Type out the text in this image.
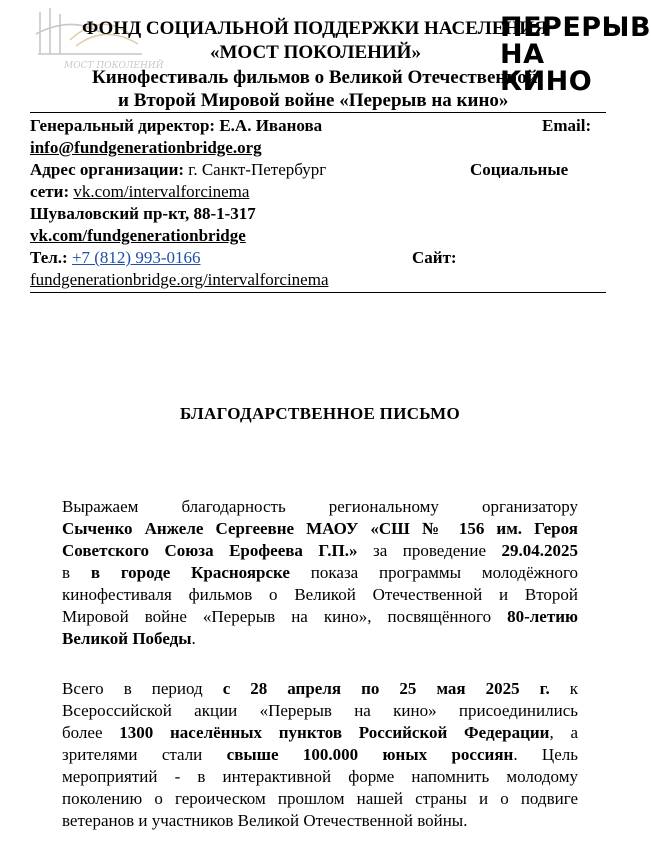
МОСТ ПОКОЛЕНИЙ
ПЕРЕРЫВ
НА КИНО
ФОНД СОЦИАЛЬНОЙ ПОДДЕРЖКИ НАСЕЛЕНИЯ
«МОСТ ПОКОЛЕНИЙ»
Кинофестиваль фильмов о Великой Отечественной
и Второй Мировой войне «Перерыв на кино»
Генеральный директор: Е.А. Иванова	Email:
info@fundgenerationbridge.org
Адрес организации: г. Санкт-Петербург	Социальные
сети: vk.com/intervalforcinema
Шуваловский пр-кт, 88-1-317
vk.com/fundgenerationbridge
Тел.: +7 (812) 993-0166	Сайт:
fundgenerationbridge.org/intervalforcinema
БЛАГОДАРСТВЕННОЕ ПИСЬМО
Выражаем благодарность региональному организатору
Сыченко Анжеле Сергеевне МАОУ «СШ № 156 им. Героя
Советского Союза Ерофеева Г.П.» за проведение 29.04.2025
в в городе Красноярске показа программы молодёжного
кинофестиваля фильмов о Великой Отечественной и Второй
Мировой войне «Перерыв на кино», посвящённого 80-летию
Великой Победы.
Всего в период с 28 апреля по 25 мая 2025 г. к
Всероссийской акции «Перерыв на кино» присоединились
более 1300 населённых пунктов Российской Федерации, а
зрителями стали свыше 100.000 юных россиян. Цель
мероприятий - в интерактивной форме напомнить молодому
поколению о героическом прошлом нашей страны и о подвиге
ветеранов и участников Великой Отечественной войны.
